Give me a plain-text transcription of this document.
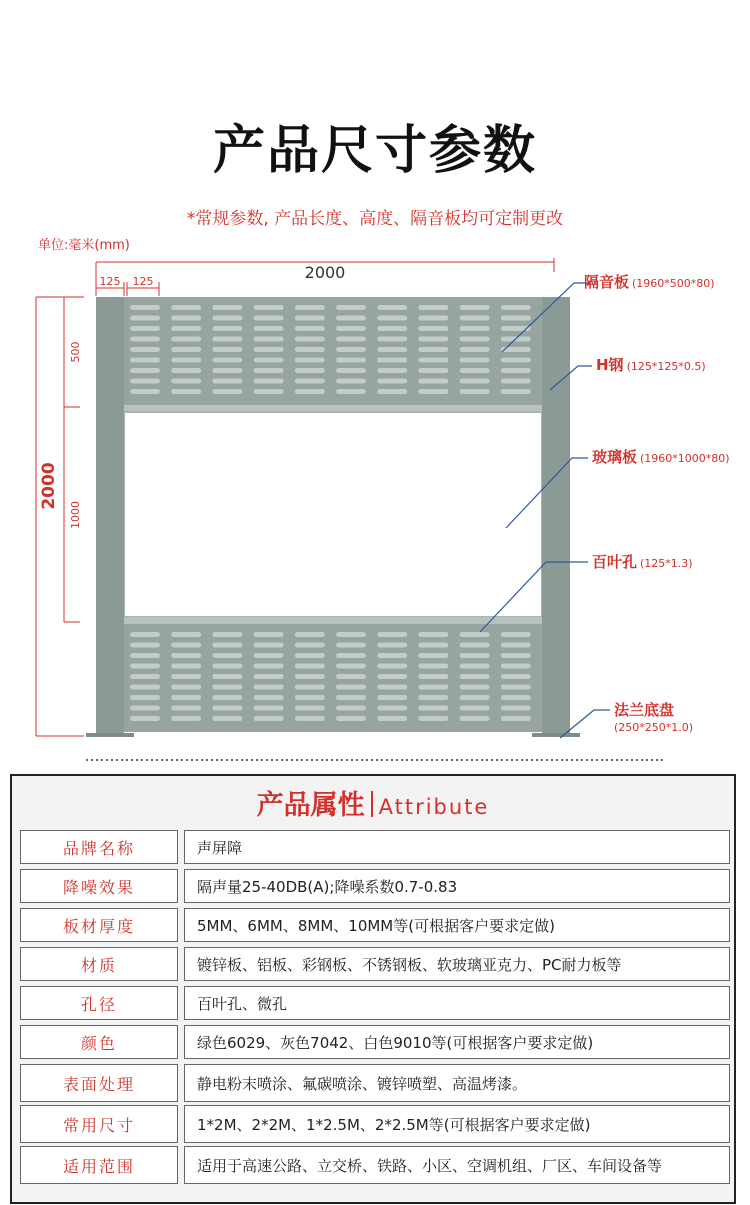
产品尺寸参数
*常规参数, 产品长度、高度、隔音板均可定制更改
单位:毫米(mm)
125 125	2000
500
1000
2000
隔音板 (1960*500*80)
H钢 (125*125*0.5)
玻璃板 (1960*1000*80)
百叶孔 (125*1.3)
法兰底盘
(250*250*1.0)
产品属性 Attribute
品牌名称	声屏障
降噪效果	隔声量25-40DB(A);降噪系数0.7-0.83
板材厚度	5MM、6MM、8MM、10MM等(可根据客户要求定做)
材质	镀锌板、铝板、彩钢板、不锈钢板、软玻璃亚克力、PC耐力板等
孔径	百叶孔、微孔
颜色	绿色6029、灰色7042、白色9010等(可根据客户要求定做)
表面处理	静电粉末喷涂、氟碳喷涂、镀锌喷塑、高温烤漆。
常用尺寸	1*2M、2*2M、1*2.5M、2*2.5M等(可根据客户要求定做)
适用范围	适用于高速公路、立交桥、铁路、小区、空调机组、厂区、车间设备等
